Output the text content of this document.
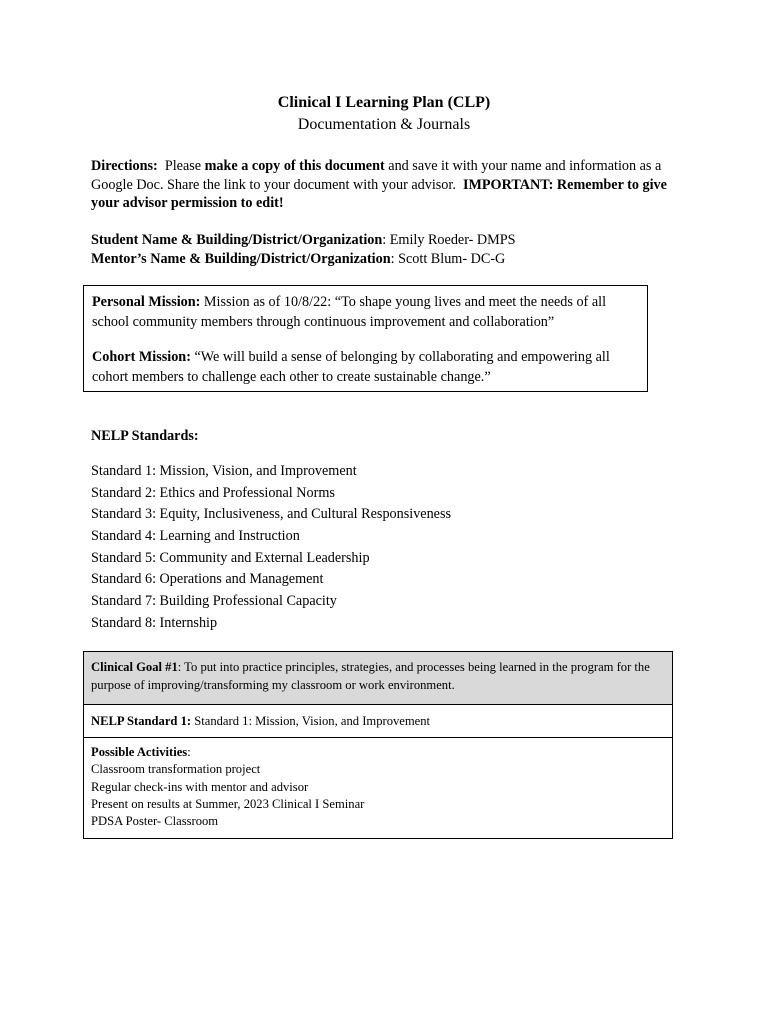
Clinical I Learning Plan (CLP)
Documentation & Journals
Directions: Please make a copy of this document and save it with your name and information as a Google Doc. Share the link to your document with your advisor. IMPORTANT: Remember to give your advisor permission to edit!
Student Name & Building/District/Organization: Emily Roeder- DMPS
Mentor’s Name & Building/District/Organization: Scott Blum- DC-G

Personal Mission: Mission as of 10/8/22: “To shape young lives and meet the needs of all school community members through continuous improvement and collaboration”

Cohort Mission: “We will build a sense of belonging by collaborating and empowering all cohort members to challenge each other to create sustainable change.”

NELP Standards:
Standard 1: Mission, Vision, and Improvement
Standard 2: Ethics and Professional Norms
Standard 3: Equity, Inclusiveness, and Cultural Responsiveness
Standard 4: Learning and Instruction
Standard 5: Community and External Leadership
Standard 6: Operations and Management
Standard 7: Building Professional Capacity
Standard 8: Internship
Clinical Goal #1: To put into practice principles, strategies, and processes being learned in the program for the purpose of improving/transforming my classroom or work environment.
NELP Standard 1: Standard 1: Mission, Vision, and Improvement
Possible Activities:
Classroom transformation project
Regular check-ins with mentor and advisor
Present on results at Summer, 2023 Clinical I Seminar
PDSA Poster- Classroom
